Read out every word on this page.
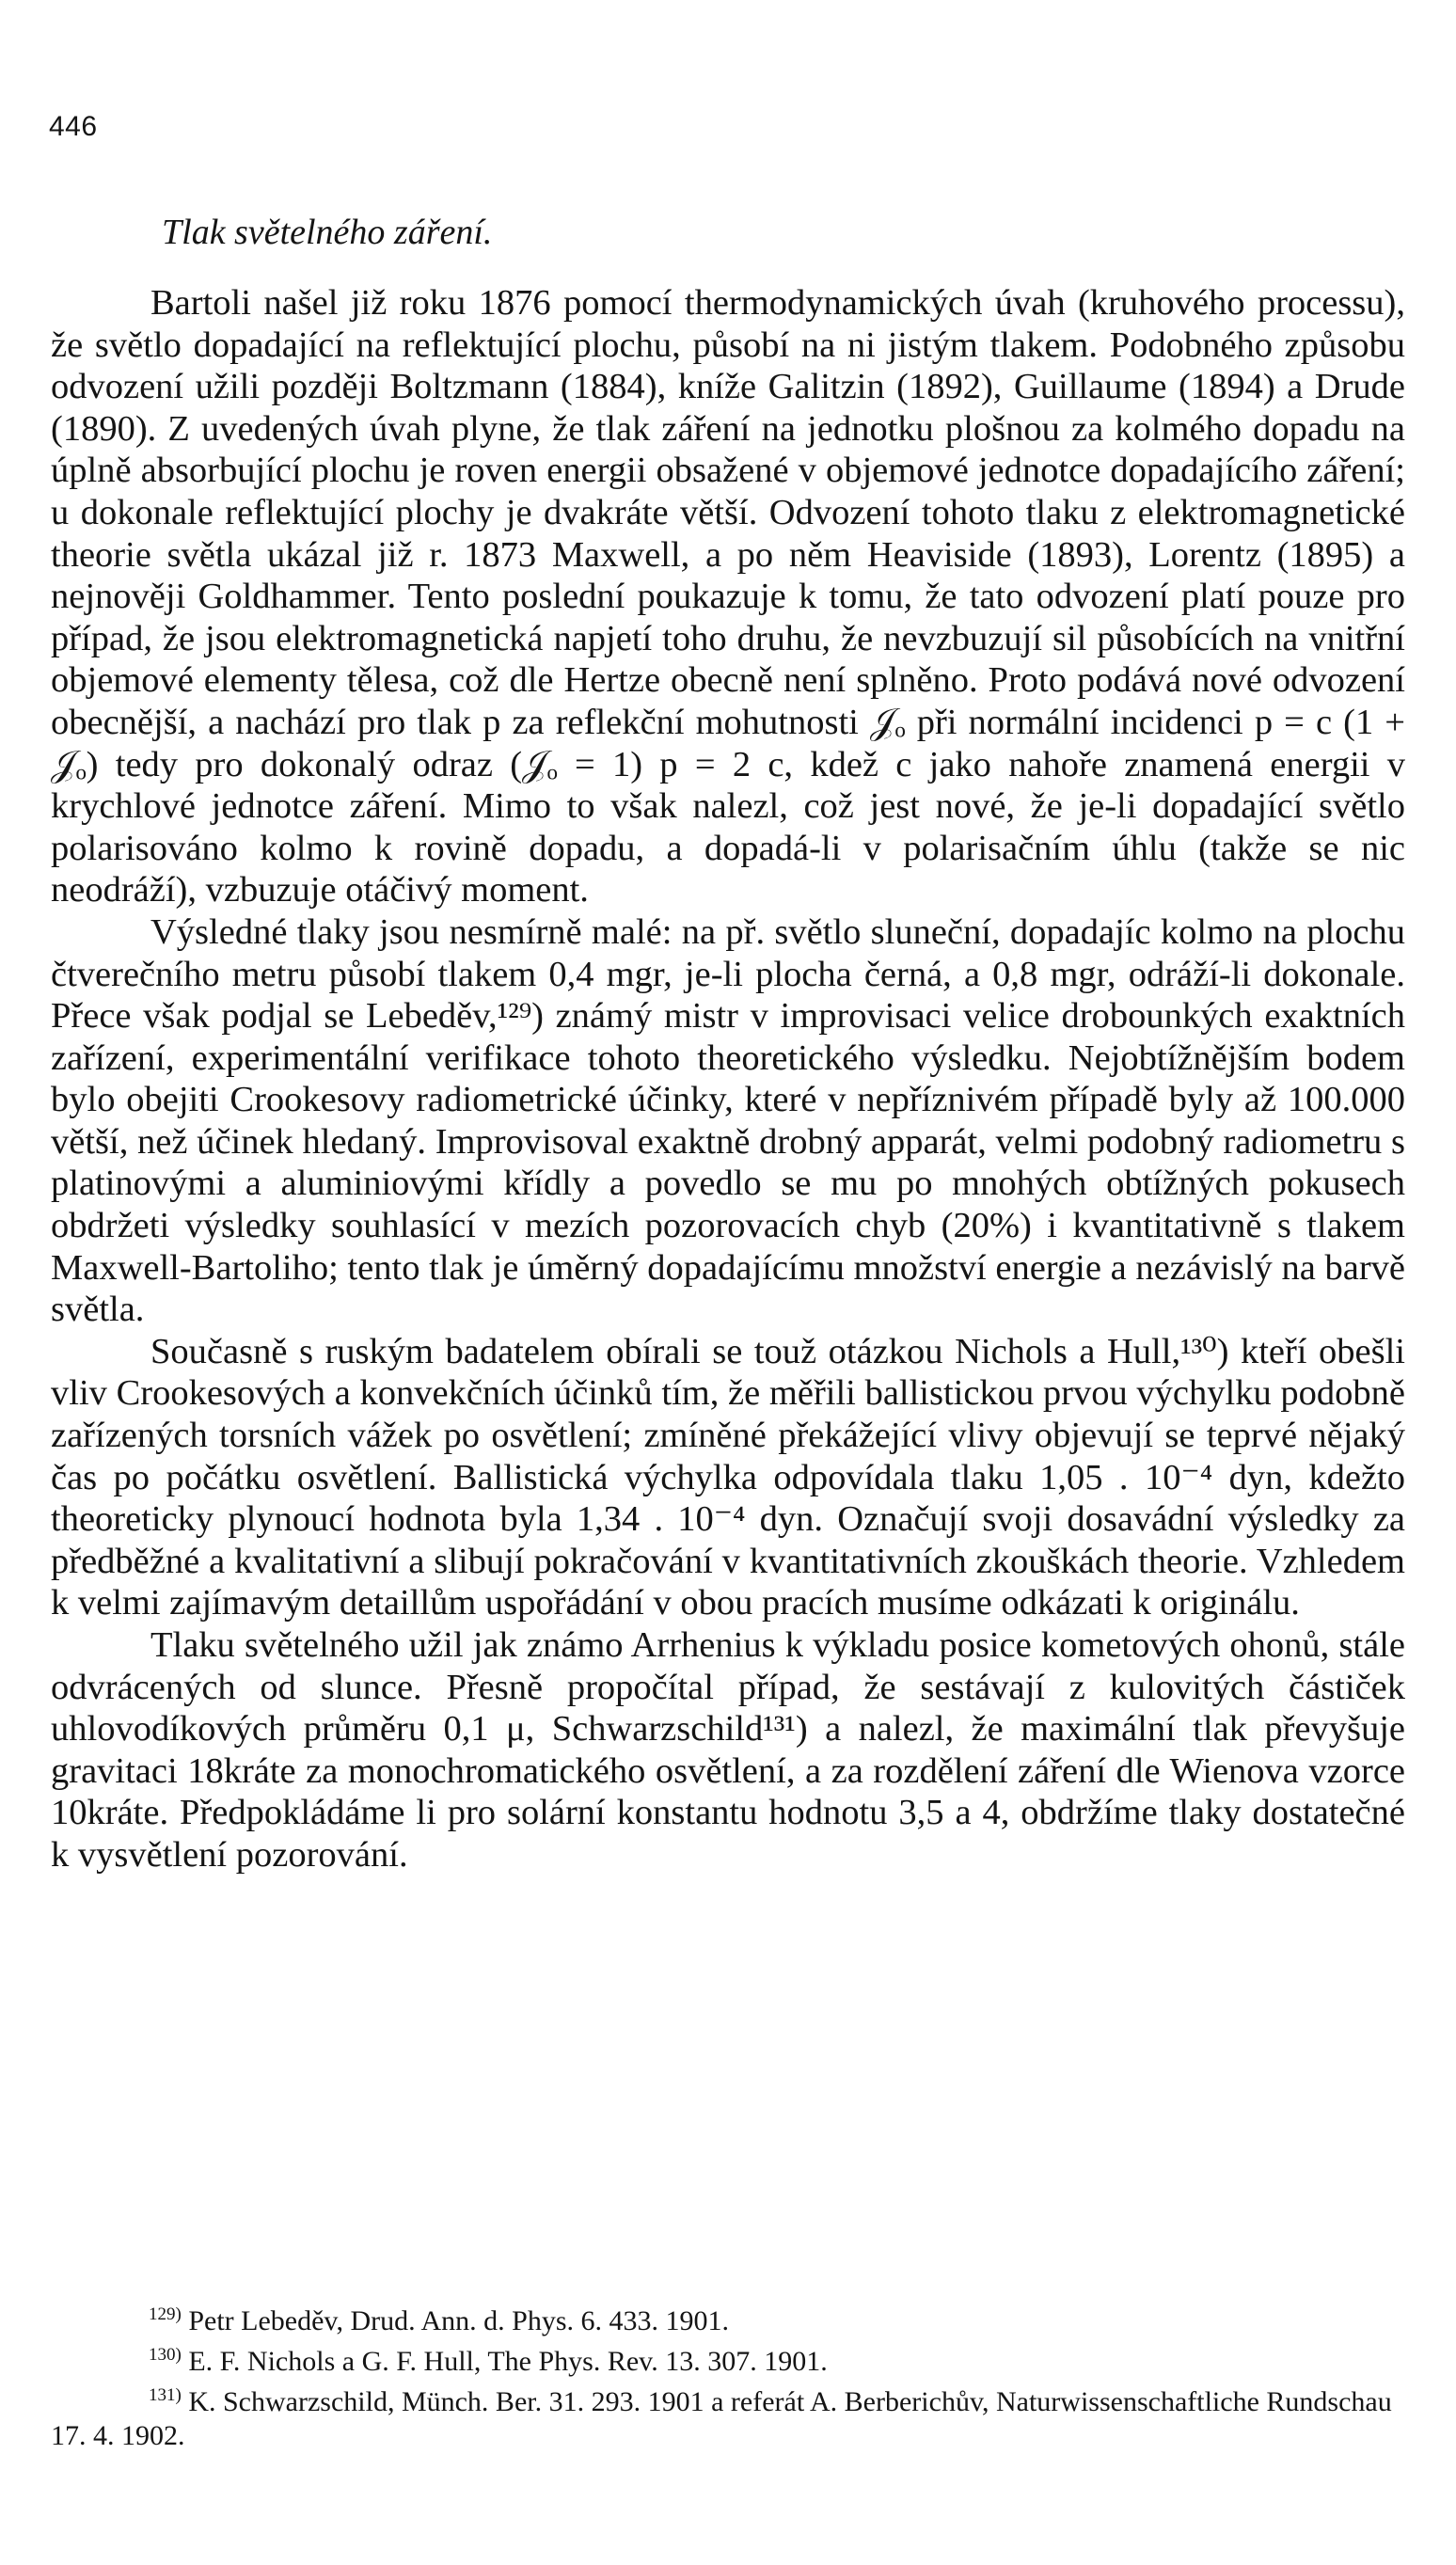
446
Tlak světelného záření.

Bartoli našel již roku 1876 pomocí thermodynamických úvah (kruhového processu), že světlo dopadající na reflektující plochu, působí na ni jistým tlakem. Podobného způsobu odvození užili později Boltzmann (1884), kníže Galitzin (1892), Guillaume (1894) a Drude (1890). Z uvedených úvah plyne, že tlak záření na jednotku plošnou za kolmého dopadu na úplně absorbující plochu je roven energii obsažené v objemové jednotce dopadajícího záření; u dokonale reflektující plochy je dvakráte větší. Odvození tohoto tlaku z elektromagnetické theorie světla ukázal již r. 1873 Maxwell, a po něm Heaviside (1893), Lorentz (1895) a nejnověji Goldhammer. Tento poslední poukazuje k tomu, že tato odvození platí pouze pro případ, že jsou elektromagnetická napjetí toho druhu, že nevzbuzují sil působících na vnitřní objemové elementy tělesa, což dle Hertze obecně není splněno. Proto podává nové odvození obecnější, a nachází pro tlak p za reflekční mohutnosti 𝒥ₒ při normální incidenci p = c (1 + 𝒥ₒ) tedy pro dokonalý odraz (𝒥ₒ = 1) p = 2 c, kdež c jako nahoře znamená energii v krychlové jednotce záření. Mimo to však nalezl, což jest nové, že je-li dopadající světlo polarisováno kolmo k rovině dopadu, a dopadá-li v polarisačním úhlu (takže se nic neodráží), vzbuzuje otáčivý moment.

Výsledné tlaky jsou nesmírně malé: na př. světlo sluneční, dopadajíc kolmo na plochu čtverečního metru působí tlakem 0,4 mgr, je-li plocha černá, a 0,8 mgr, odráží-li dokonale. Přece však podjal se Lebeděv,¹²⁹) známý mistr v improvisaci velice drobounkých exaktních zařízení, experimentální verifikace tohoto theoretického výsledku. Nejobtížnějším bodem bylo obejiti Crookesovy radiometrické účinky, které v nepříznivém případě byly až 100.000 větší, než účinek hledaný. Improvisoval exaktně drobný apparát, velmi podobný radiometru s platinovými a aluminiovými křídly a povedlo se mu po mnohých obtížných pokusech obdržeti výsledky souhlasící v mezích pozorovacích chyb (20%) i kvantitativně s tlakem Maxwell-Bartoliho; tento tlak je úměrný dopadajícímu množství energie a nezávislý na barvě světla.

Současně s ruským badatelem obírali se touž otázkou Nichols a Hull,¹³⁰) kteří obešli vliv Crookesových a konvekčních účinků tím, že měřili ballistickou prvou výchylku podobně zařízených torsních vážek po osvětlení; zmíněné překážející vlivy objevují se teprvé nějaký čas po počátku osvětlení. Ballistická výchylka odpovídala tlaku 1,05 . 10⁻⁴ dyn, kdežto theoreticky plynoucí hodnota byla 1,34 . 10⁻⁴ dyn. Označují svoji dosavádní výsledky za předběžné a kvalitativní a slibují pokračování v kvantitativních zkouškách theorie. Vzhledem k velmi zajímavým detaillům uspořádání v obou pracích musíme odkázati k originálu.

Tlaku světelného užil jak známo Arrhenius k výkladu posice kometových ohonů, stále odvrácených od slunce. Přesně propočítal případ, že sestávají z kulovitých částiček uhlovodíkových průměru 0,1 μ, Schwarzschild¹³¹) a nalezl, že maximální tlak převyšuje gravitaci 18kráte za monochromatického osvětlení, a za rozdělení záření dle Wienova vzorce 10kráte. Předpokládáme li pro solární konstantu hodnotu 3,5 a 4, obdržíme tlaky dostatečné k vysvětlení pozorování.

$^{129)}$ Petr Lebeděv, Drud. Ann. d. Phys. 6. 433. 1901.
$^{130)}$ E. F. Nichols a G. F. Hull, The Phys. Rev. 13. 307. 1901.
$^{131)}$ K. Schwarzschild, Münch. Ber. 31. 293. 1901 a referát A. Berberichův, Naturwissenschaftliche Rundschau 17. 4. 1902.
